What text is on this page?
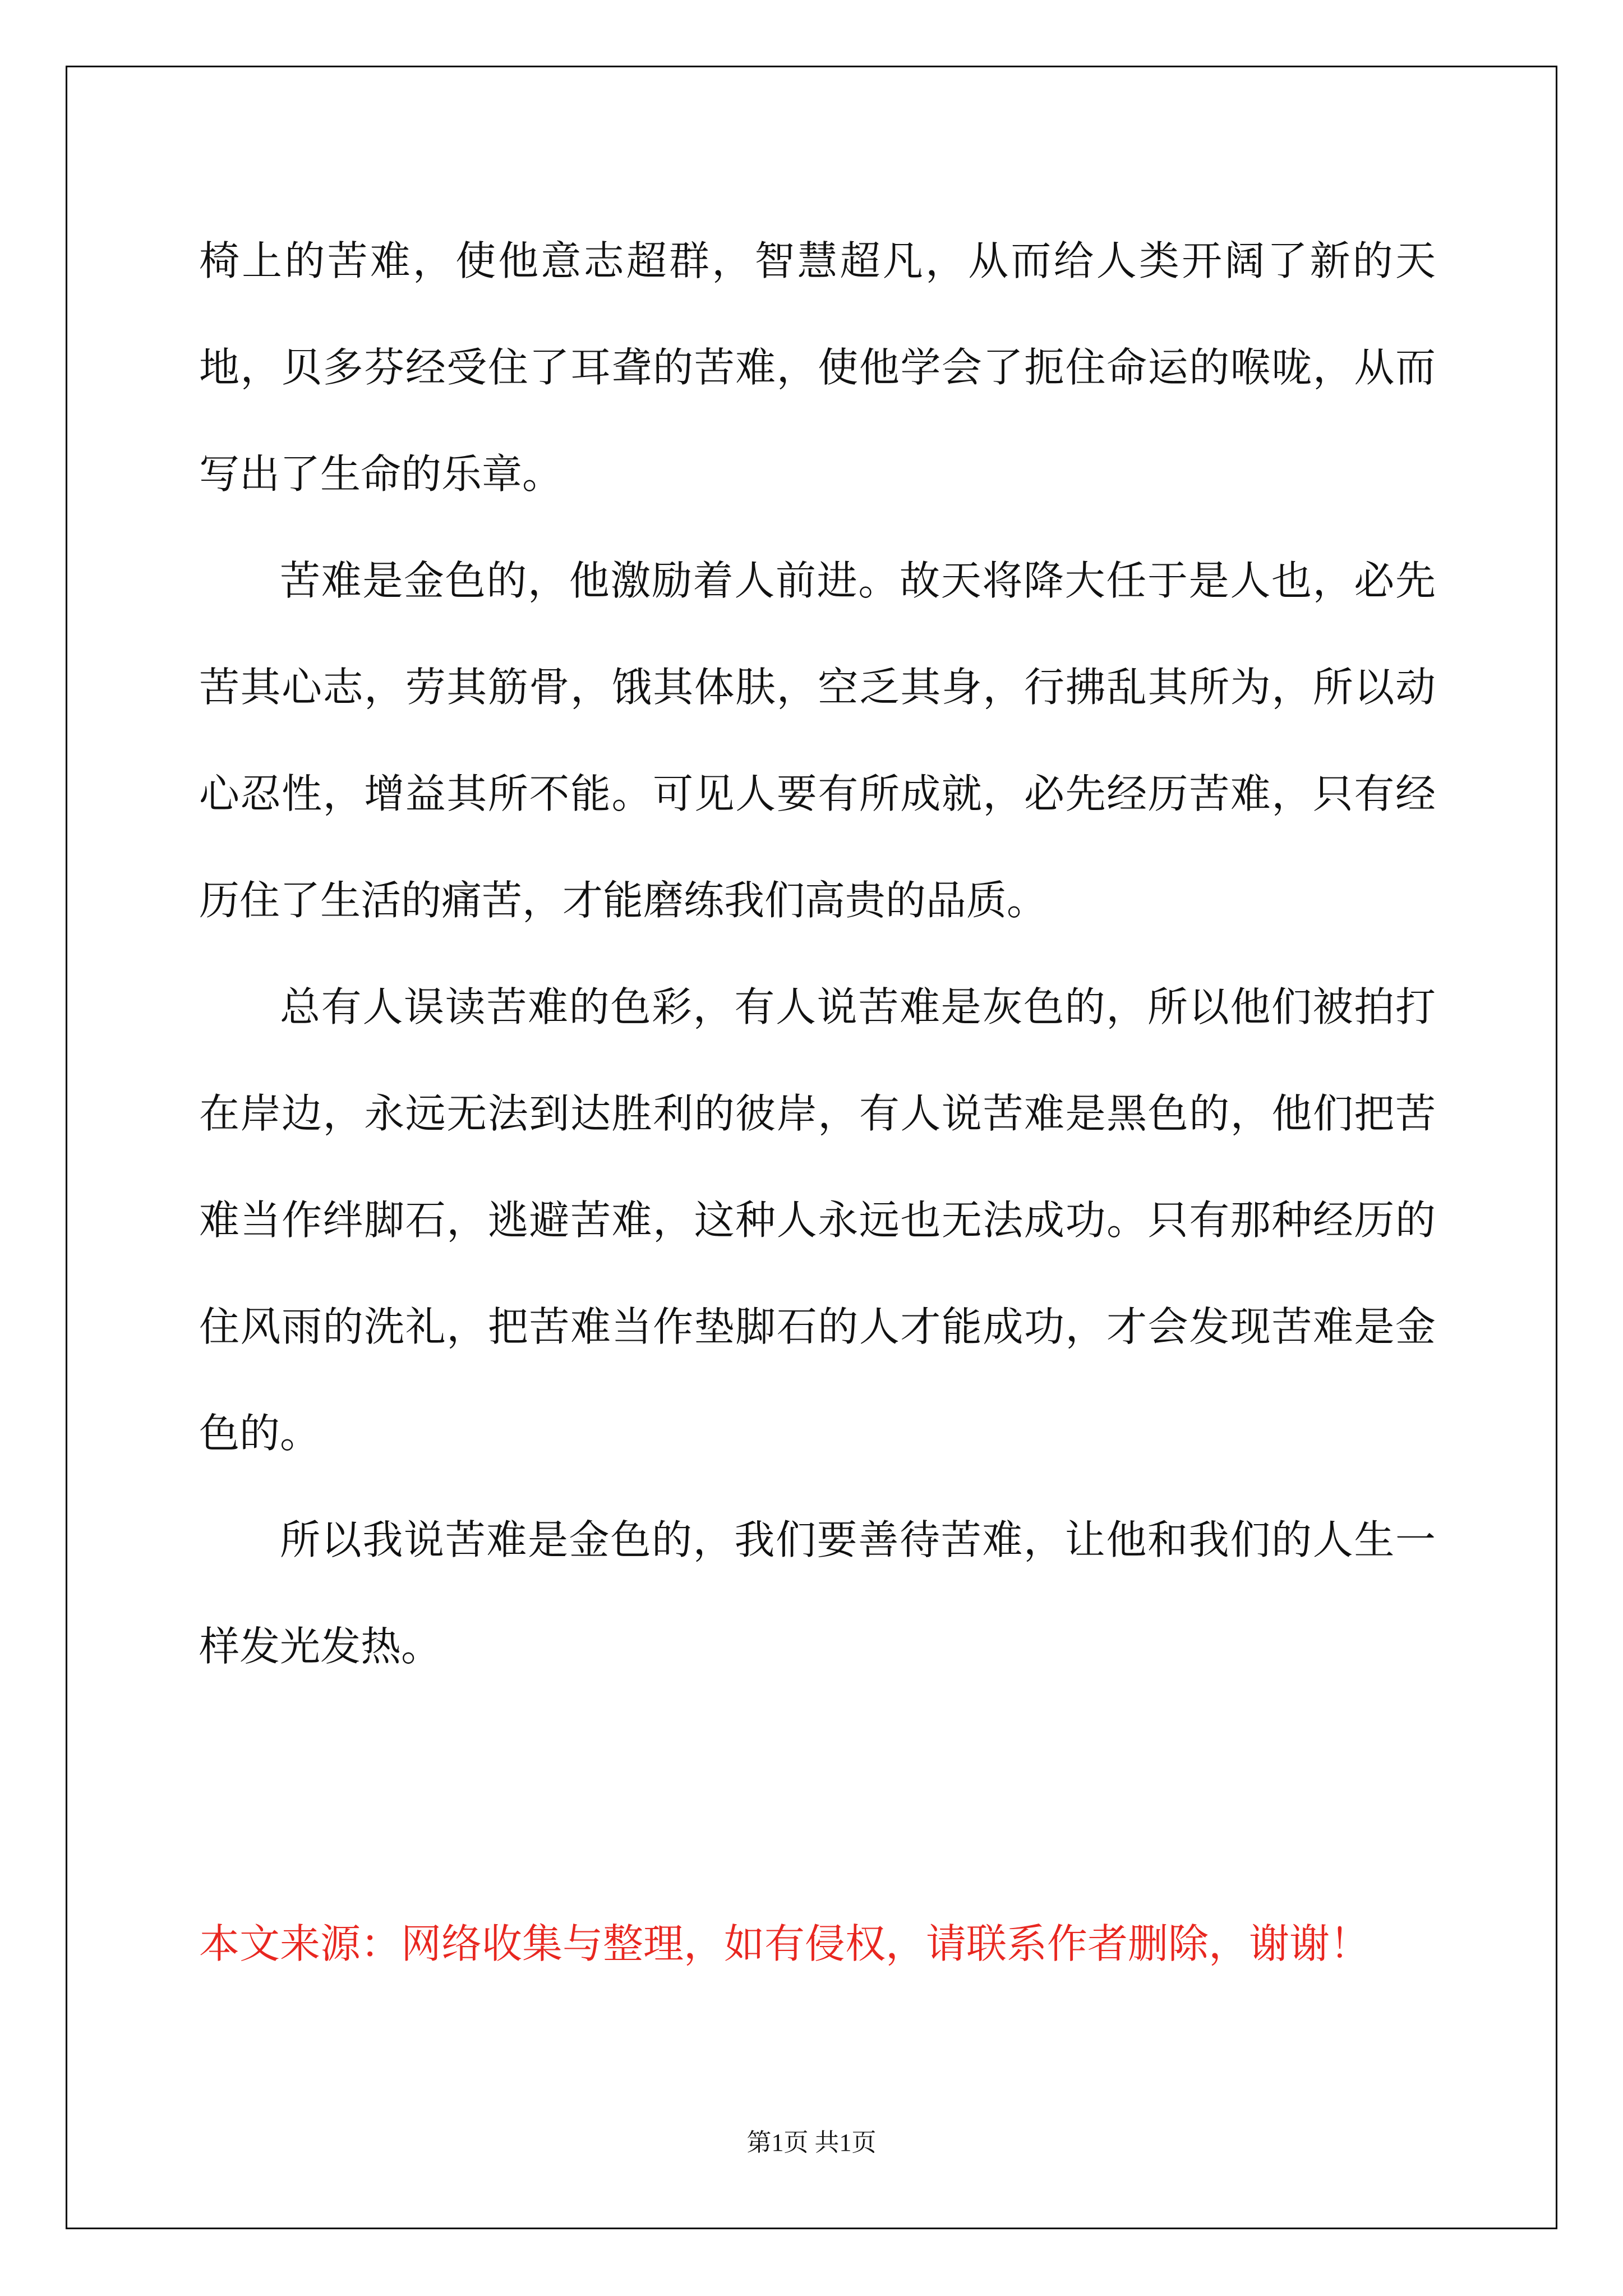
椅上的苦难，使他意志超群，智慧超凡，从而给人类开阔了新的天地，贝多芬经受住了耳聋的苦难，使他学会了扼住命运的喉咙，从而写出了生命的乐章。

苦难是金色的，他激励着人前进。故天将降大任于是人也，必先苦其心志，劳其筋骨，饿其体肤，空乏其身，行拂乱其所为，所以动心忍性，增益其所不能。可见人要有所成就，必先经历苦难，只有经历住了生活的痛苦，才能磨练我们高贵的品质。

总有人误读苦难的色彩，有人说苦难是灰色的，所以他们被拍打在岸边，永远无法到达胜利的彼岸，有人说苦难是黑色的，他们把苦难当作绊脚石，逃避苦难，这种人永远也无法成功。只有那种经历的住风雨的洗礼，把苦难当作垫脚石的人才能成功，才会发现苦难是金色的。

所以我说苦难是金色的，我们要善待苦难，让他和我们的人生一样发光发热。

本文来源：网络收集与整理，如有侵权，请联系作者删除，谢谢！
第1页 共1页
